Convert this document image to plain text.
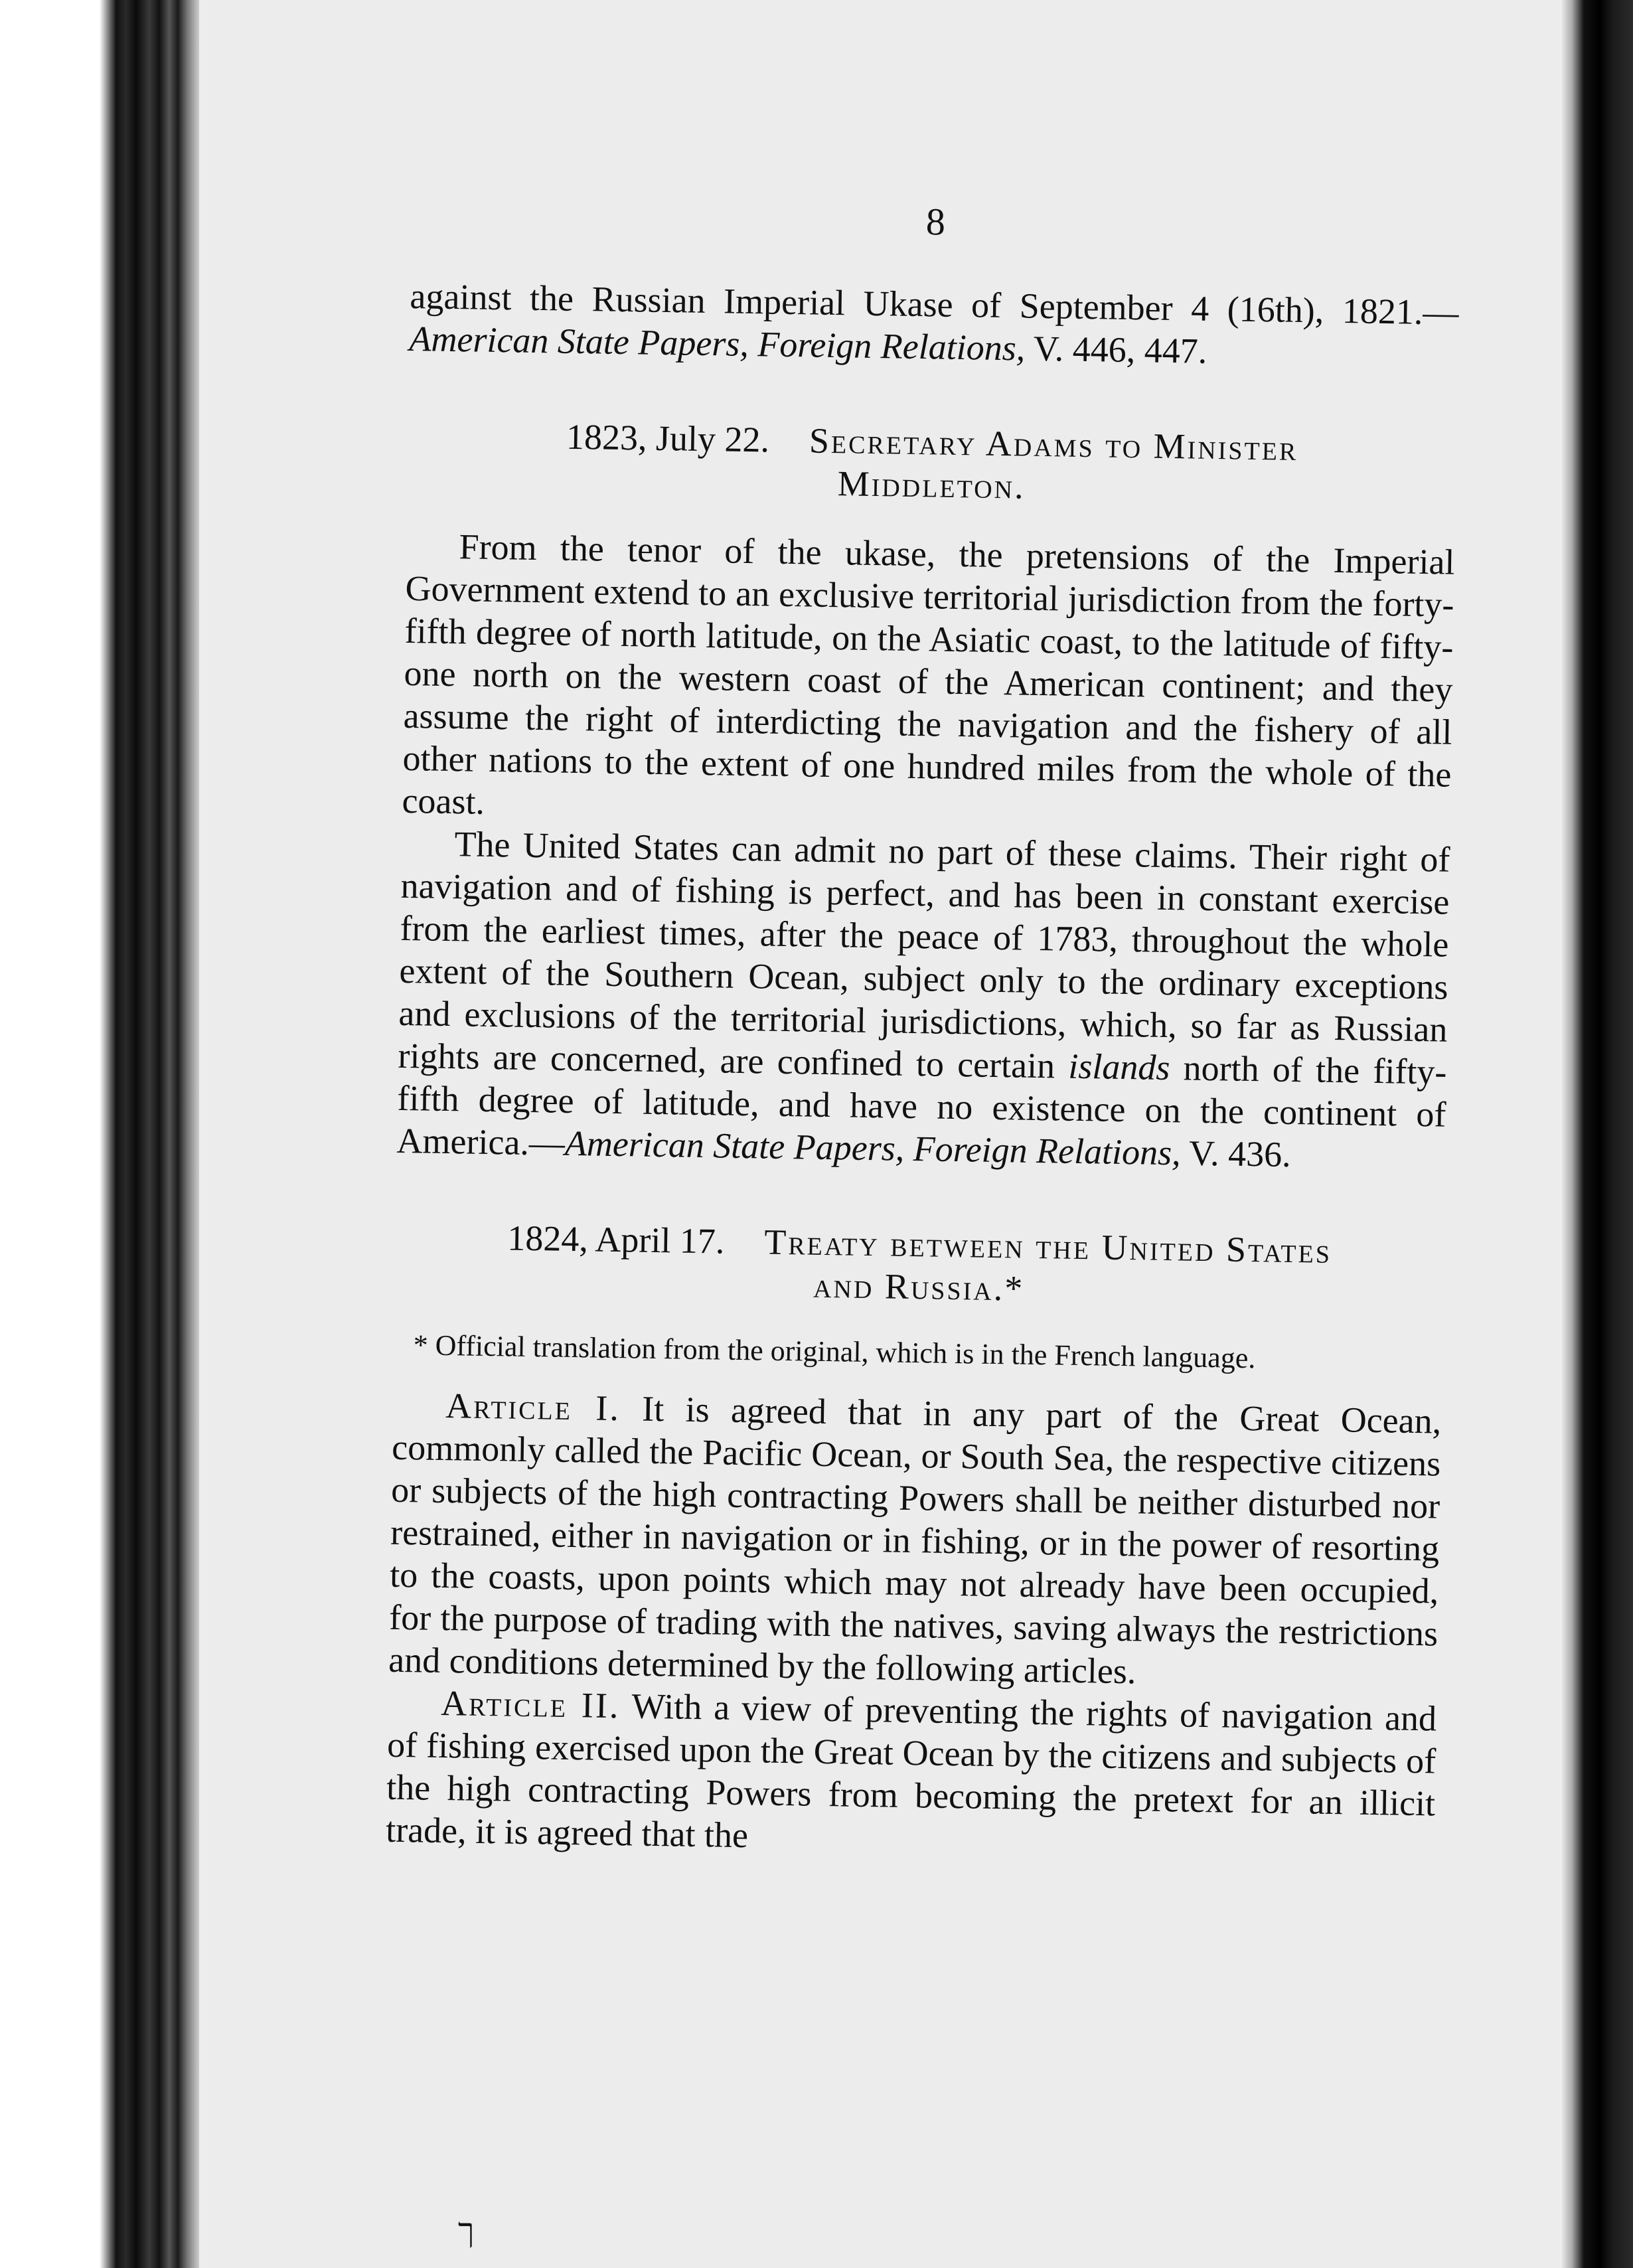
8

against the Russian Imperial Ukase of September 4 (16th), 1821.—American State Papers, Foreign Relations, V. 446, 447.

1823, July 22. Secretary Adams to Minister
Middleton.

From the tenor of the ukase, the pretensions of the Imperial Government extend to an exclusive territorial jurisdiction from the forty-fifth degree of north latitude, on the Asiatic coast, to the latitude of fifty-one north on the western coast of the American continent; and they assume the right of interdicting the navigation and the fishery of all other nations to the extent of one hundred miles from the whole of the coast.

The United States can admit no part of these claims. Their right of navigation and of fishing is perfect, and has been in constant exercise from the earliest times, after the peace of 1783, throughout the whole extent of the Southern Ocean, subject only to the ordinary exceptions and exclusions of the territorial jurisdictions, which, so far as Russian rights are concerned, are confined to certain islands north of the fifty-fifth degree of latitude, and have no existence on the continent of America.—American State Papers, Foreign Relations, V. 436.

1824, April 17. Treaty between the United States
and Russia.*

* Official translation from the original, which is in the French language.

Article I. It is agreed that in any part of the Great Ocean, commonly called the Pacific Ocean, or South Sea, the respective citizens or subjects of the high contracting Powers shall be neither disturbed nor restrained, either in navigation or in fishing, or in the power of resorting to the coasts, upon points which may not already have been occupied, for the purpose of trading with the natives, saving always the restrictions and conditions determined by the following articles.

Article II. With a view of preventing the rights of navigation and of fishing exercised upon the Great Ocean by the citizens and subjects of the high contracting Powers from becoming the pretext for an illicit trade, it is agreed that the

ך
